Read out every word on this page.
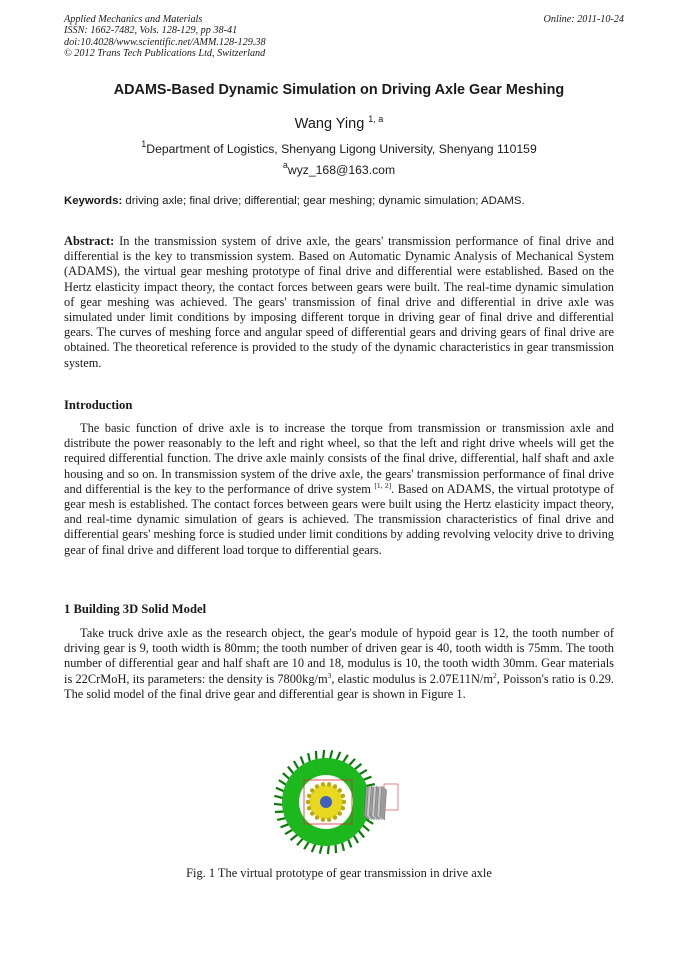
Applied Mechanics and Materials
ISSN: 1662-7482, Vols. 128-129, pp 38-41
doi:10.4028/www.scientific.net/AMM.128-129.38
© 2012 Trans Tech Publications Ltd, Switzerland
Online: 2011-10-24
ADAMS-Based Dynamic Simulation on Driving Axle Gear Meshing
Wang Ying $^{1, a}$
$^1$Department of Logistics, Shenyang Ligong University, Shenyang 110159
$^a$wyz_168@163.com
Keywords: driving axle; final drive; differential; gear meshing; dynamic simulation; ADAMS.

Abstract: In the transmission system of drive axle, the gears' transmission performance of final drive and differential is the key to transmission system. Based on Automatic Dynamic Analysis of Mechanical System (ADAMS), the virtual gear meshing prototype of final drive and differential were established. Based on the Hertz elasticity impact theory, the contact forces between gears were built. The real-time dynamic simulation of gear meshing was achieved. The gears' transmission of final drive and differential in drive axle was simulated under limit conditions by imposing different torque in driving gear of final drive and differential gears. The curves of meshing force and angular speed of differential gears and driving gears of final drive are obtained. The theoretical reference is provided to the study of the dynamic characteristics in gear transmission system.

Introduction

The basic function of drive axle is to increase the torque from transmission or transmission axle and distribute the power reasonably to the left and right wheel, so that the left and right drive wheels will get the required differential function. The drive axle mainly consists of the final drive, differential, half shaft and axle housing and so on. In transmission system of the drive axle, the gears' transmission performance of final drive and differential is the key to the performance of drive system [1, 2]. Based on ADAMS, the virtual prototype of gear mesh is established. The contact forces between gears were built using the Hertz elasticity impact theory, and real-time dynamic simulation of gears is achieved. The transmission characteristics of final drive and differential gears' meshing force is studied under limit conditions by adding revolving velocity drive to driving gear of final drive and different load torque to differential gears.

1 Building 3D Solid Model

Take truck drive axle as the research object, the gear's module of hypoid gear is 12, the tooth number of driving gear is 9, tooth width is 80mm; the tooth number of driven gear is 40, tooth width is 75mm. The tooth number of differential gear and half shaft are 10 and 18, modulus is 10, the tooth width 30mm. Gear materials is 22CrMoH, its parameters: the density is $7800kg/m^3$, elastic modulus is $2.07E11N/m^2$, Poisson's ratio is 0.29. The solid model of the final drive gear and differential gear is shown in Figure 1.

Fig. 1 The virtual prototype of gear transmission in drive axle
